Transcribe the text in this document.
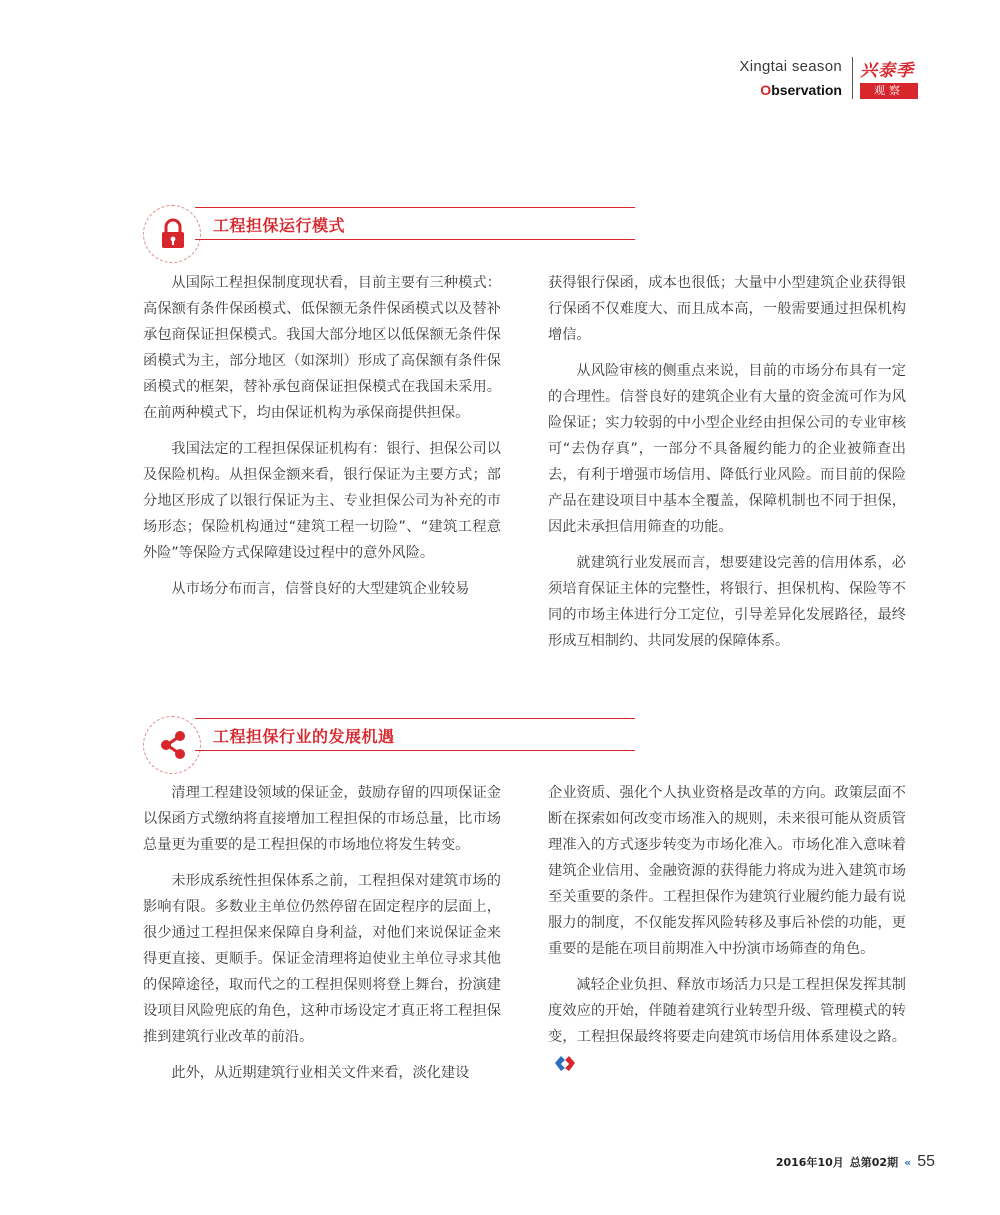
Xingtai season
Observation
兴泰季
观察
工程担保运行模式

从国际工程担保制度现状看，目前主要有三种模式：高保额有条件保函模式、低保额无条件保函模式以及替补承包商保证担保模式。我国大部分地区以低保额无条件保函模式为主，部分地区（如深圳）形成了高保额有条件保函模式的框架，替补承包商保证担保模式在我国未采用。在前两种模式下，均由保证机构为承保商提供担保。

我国法定的工程担保保证机构有：银行、担保公司以及保险机构。从担保金额来看，银行保证为主要方式；部分地区形成了以银行保证为主、专业担保公司为补充的市场形态；保险机构通过“建筑工程一切险”、“建筑工程意外险”等保险方式保障建设过程中的意外风险。

从市场分布而言，信誉良好的大型建筑企业较易

获得银行保函，成本也很低；大量中小型建筑企业获得银行保函不仅难度大、而且成本高，一般需要通过担保机构增信。

从风险审核的侧重点来说，目前的市场分布具有一定的合理性。信誉良好的建筑企业有大量的资金流可作为风险保证；实力较弱的中小型企业经由担保公司的专业审核可“去伪存真”，一部分不具备履约能力的企业被筛查出去，有利于增强市场信用、降低行业风险。而目前的保险产品在建设项目中基本全覆盖，保障机制也不同于担保，因此未承担信用筛查的功能。

就建筑行业发展而言，想要建设完善的信用体系，必须培育保证主体的完整性，将银行、担保机构、保险等不同的市场主体进行分工定位，引导差异化发展路径，最终形成互相制约、共同发展的保障体系。

工程担保行业的发展机遇

清理工程建设领域的保证金，鼓励存留的四项保证金以保函方式缴纳将直接增加工程担保的市场总量，比市场总量更为重要的是工程担保的市场地位将发生转变。

未形成系统性担保体系之前，工程担保对建筑市场的影响有限。多数业主单位仍然停留在固定程序的层面上，很少通过工程担保来保障自身利益，对他们来说保证金来得更直接、更顺手。保证金清理将迫使业主单位寻求其他的保障途径，取而代之的工程担保则将登上舞台，扮演建设项目风险兜底的角色，这种市场设定才真正将工程担保推到建筑行业改革的前沿。

此外，从近期建筑行业相关文件来看，淡化建设

企业资质、强化个人执业资格是改革的方向。政策层面不断在探索如何改变市场准入的规则，未来很可能从资质管理准入的方式逐步转变为市场化准入。市场化准入意味着建筑企业信用、金融资源的获得能力将成为进入建筑市场至关重要的条件。工程担保作为建筑行业履约能力最有说服力的制度，不仅能发挥风险转移及事后补偿的功能，更重要的是能在项目前期准入中扮演市场筛查的角色。

减轻企业负担、释放市场活力只是工程担保发挥其制度效应的开始，伴随着建筑行业转型升级、管理模式的转变，工程担保最终将要走向建筑市场信用体系建设之路。

2016年10月 总第02期 « 55
